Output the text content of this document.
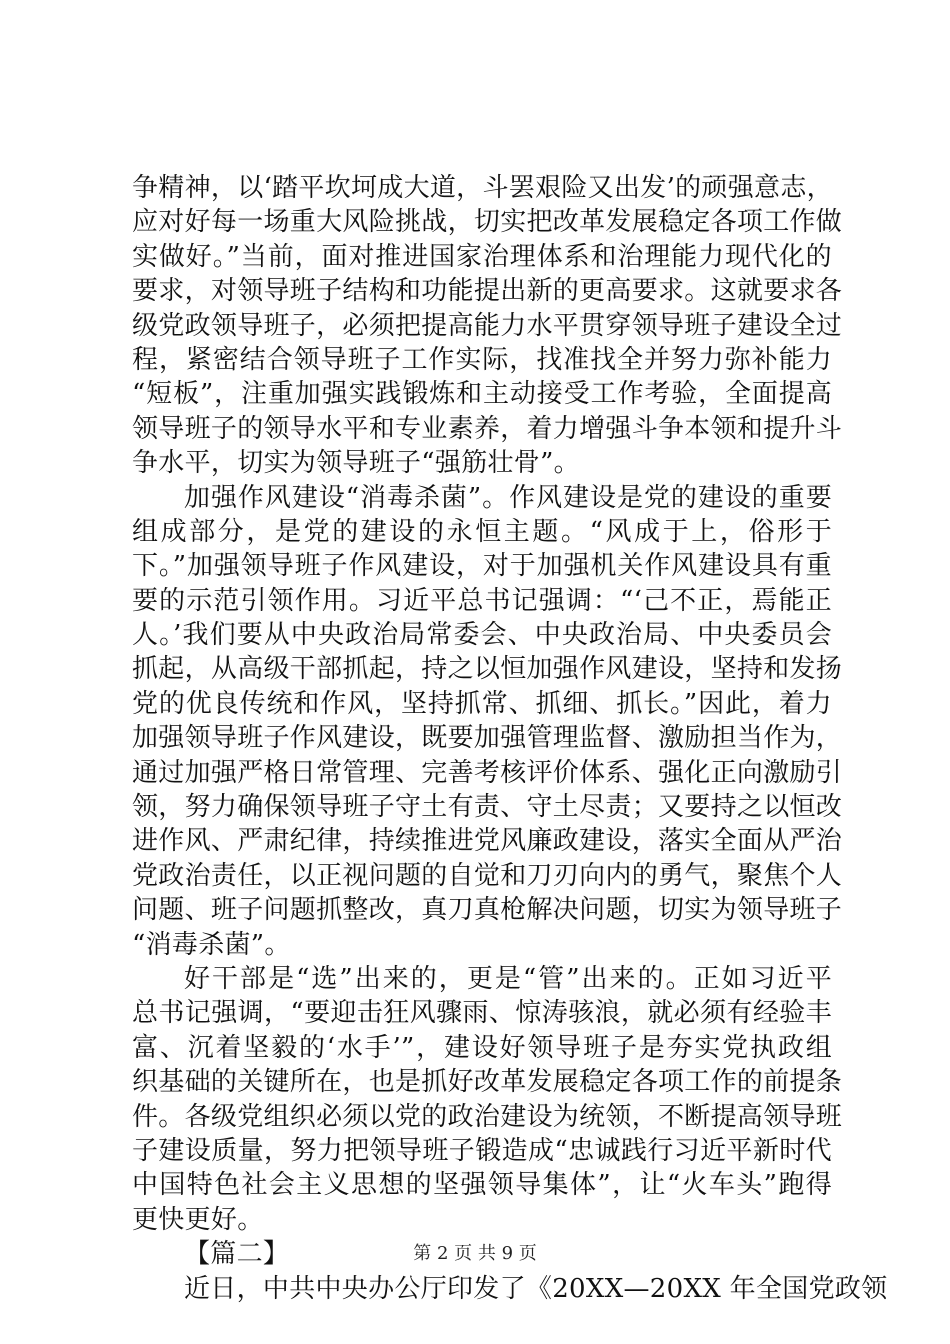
争精神，以‘踏平坎坷成大道，斗罢艰险又出发’的顽强意志，
应对好每一场重大风险挑战，切实把改革发展稳定各项工作做
实做好。”当前，面对推进国家治理体系和治理能力现代化的
要求，对领导班子结构和功能提出新的更高要求。这就要求各
级党政领导班子，必须把提高能力水平贯穿领导班子建设全过
程，紧密结合领导班子工作实际，找准找全并努力弥补能力
“短板”，注重加强实践锻炼和主动接受工作考验，全面提高
领导班子的领导水平和专业素养，着力增强斗争本领和提升斗
争水平，切实为领导班子“强筋壮骨”。
加强作风建设“消毒杀菌”。作风建设是党的建设的重要
组成部分，是党的建设的永恒主题。“风成于上，俗形于
下。”加强领导班子作风建设，对于加强机关作风建设具有重
要的示范引领作用。习近平总书记强调：“‘己不正，焉能正
人。’我们要从中央政治局常委会、中央政治局、中央委员会
抓起，从高级干部抓起，持之以恒加强作风建设，坚持和发扬
党的优良传统和作风，坚持抓常、抓细、抓长。”因此，着力
加强领导班子作风建设，既要加强管理监督、激励担当作为，
通过加强严格日常管理、完善考核评价体系、强化正向激励引
领，努力确保领导班子守土有责、守土尽责；又要持之以恒改
进作风、严肃纪律，持续推进党风廉政建设，落实全面从严治
党政治责任，以正视问题的自觉和刀刃向内的勇气，聚焦个人
问题、班子问题抓整改，真刀真枪解决问题，切实为领导班子
“消毒杀菌”。
好干部是“选”出来的，更是“管”出来的。正如习近平
总书记强调，“要迎击狂风骤雨、惊涛骇浪，就必须有经验丰
富、沉着坚毅的‘水手’”，建设好领导班子是夯实党执政组
织基础的关键所在，也是抓好改革发展稳定各项工作的前提条
件。各级党组织必须以党的政治建设为统领，不断提高领导班
子建设质量，努力把领导班子锻造成“忠诚践行习近平新时代
中国特色社会主义思想的坚强领导集体”，让“火车头”跑得
更快更好。
【篇二】
近日，中共中央办公厅印发了《20XX—20XX 年全国党政领
第 2 页 共 9 页
